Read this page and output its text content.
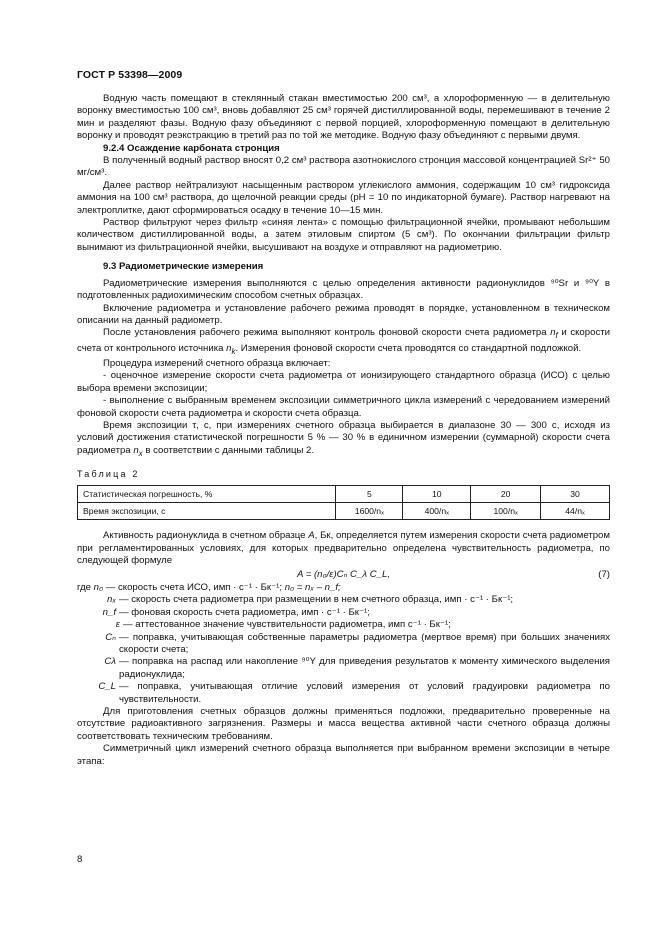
ГОСТ Р 53398—2009

Водную часть помещают в стеклянный стакан вместимостью 200 см³, а хлороформенную — в делительную воронку вместимостью 100 см³, вновь добавляют 25 см³ горячей дистиллированной воды, перемешивают в течение 2 мин и разделяют фазы. Водную фазу объединяют с первой порцией, хлороформенную помещают в делительную воронку и проводят реэкстракцию в третий раз по той же методике. Водную фазу объединяют с первыми двумя.

9.2.4 Осаждение карбоната стронция

В полученный водный раствор вносят 0,2 см³ раствора азотнокислого стронция массовой концентрацией Sr²⁺ 50 мг/см³.

Далее раствор нейтрализуют насыщенным раствором углекислого аммония, содержащим 10 см³ гидроксида аммония на 100 см³ раствора, до щелочной реакции среды (рН = 10 по индикаторной бумаге). Раствор нагревают на электроплитке, дают сформироваться осадку в течение 10—15 мин.

Раствор фильтруют через фильтр «синяя лента» с помощью фильтрационной ячейки, промывают небольшим количеством дистиллированной воды, а затем этиловым спиртом (5 см³). По окончании фильтрации фильтр вынимают из фильтрационной ячейки, высушивают на воздухе и отправляют на радиометрию.

9.3 Радиометрические измерения

Радиометрические измерения выполняются с целью определения активности радионуклидов ⁹⁰Sr и ⁹⁰Y в подготовленных радиохимическим способом счетных образцах.

Включение радиометра и установление рабочего режима проводят в порядке, установленном в техническом описании на данный радиометр.

После установления рабочего режима выполняют контроль фоновой скорости счета радиометра $n_f$ и скорости счета от контрольного источника $n_k$. Измерения фоновой скорости счета проводятся со стандартной подложкой.

Процедура измерений счетного образца включает:

- оценочное измерение скорости счета радиометра от ионизирующего стандартного образца (ИСО) с целью выбора времени экспозиции;

- выполнение с выбранным временем экспозиции симметричного цикла измерений с чередованием измерений фоновой скорости счета радиометра и скорости счета образца.

Время экспозиции τ, с, при измерениях счетного образца выбирается в диапазоне 30 — 300 с, исходя из условий достижения статистической погрешности 5 % — 30 % в единичном измерении (суммарной) скорости счета радиометра $n_x$ в соответствии с данными таблицы 2.

Таблица 2

Статистическая погрешность, %	5	10	20	30
Время экспозиции, с	1600/nₓ	400/nₓ	100/nₓ	44/nₓ

Активность радионуклида в счетном образце А, Бк, определяется путем измерения скорости счета радиометром при регламентированных условиях, для которых предварительно определена чувствительность радиометра, по следующей формуле

A = (n₀/ε)Cₙ C_λ C_L,	(7)

где n₀ — скорость счета ИСО, имп · с⁻¹ · Бк⁻¹; n₀ = nₓ – n_f;

nₓ — скорость счета радиометра при размещении в нем счетного образца, имп · с⁻¹ · Бк⁻¹;
n_f — фоновая скорость счета радиометра, имп · с⁻¹ · Бк⁻¹;
ε — аттестованное значение чувствительности радиометра, имп с⁻¹ · Бк⁻¹;
Cₙ — поправка, учитывающая собственные параметры радиометра (мертвое время) при больших значениях скорости счета;
Cλ — поправка на распад или накопление ⁹⁰Y для приведения результатов к моменту химического выделения радионуклида;
C_L — поправка, учитывающая отличие условий измерения от условий градуировки радиометра по чувствительности.

Для приготовления счетных образцов должны применяться подложки, предварительно проверенные на отсутствие радиоактивного загрязнения. Размеры и масса вещества активной части счетного образца должны соответствовать техническим требованиям.

Симметричный цикл измерений счетного образца выполняется при выбранном времени экспозиции в четыре этапа:

8
